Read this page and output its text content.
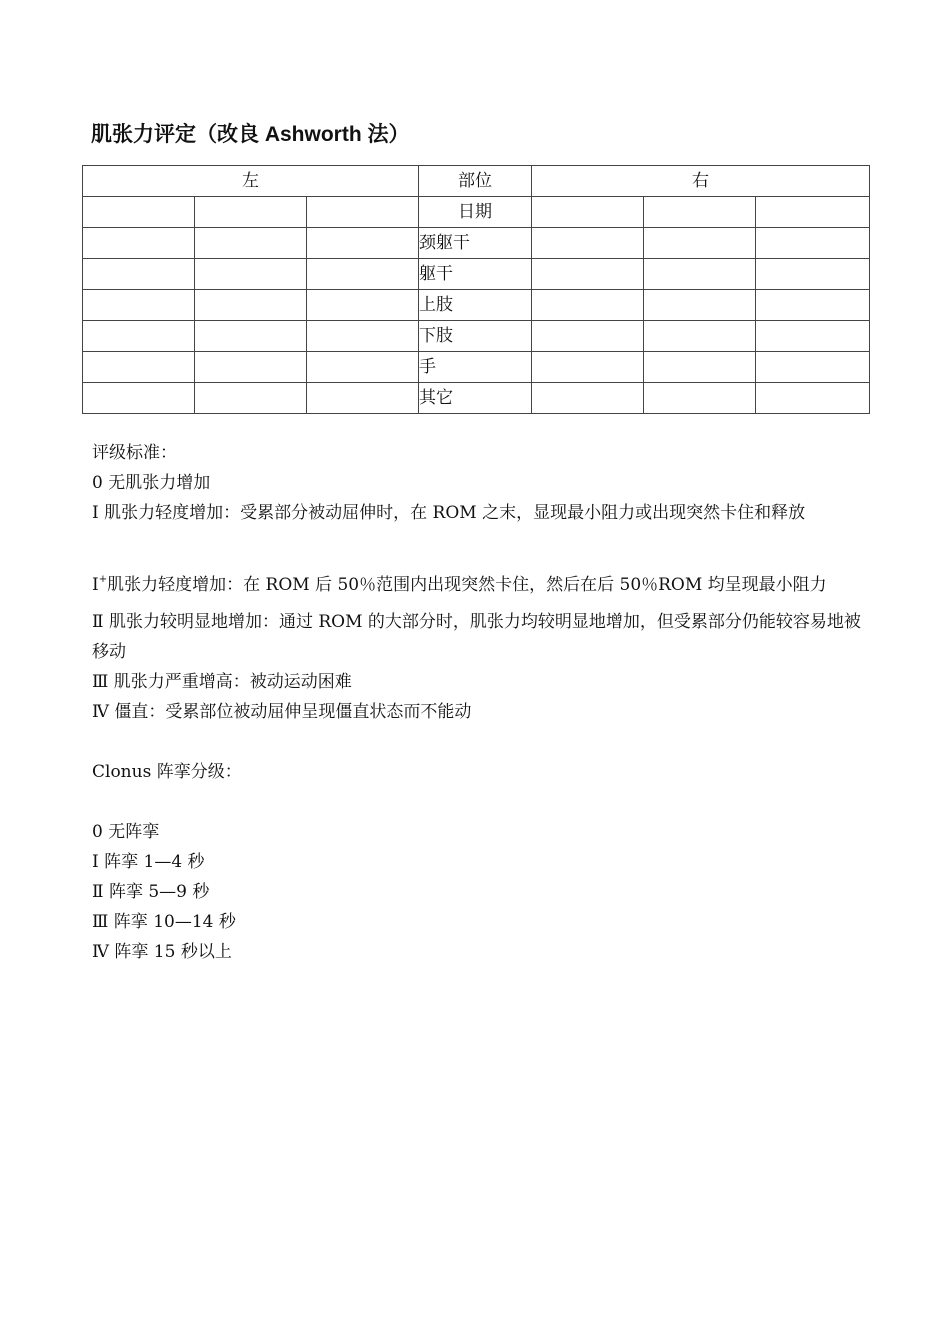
肌张力评定（改良 Ashworth 法）
左			部位	右		
			日期			
			颈躯干			
			躯干			
			上肢			
			下肢			
			手			
			其它			

评级标准：

0 无肌张力增加

Ⅰ 肌张力轻度增加：受累部分被动屈伸时，在 ROM 之末，显现最小阻力或出现突然卡住和释放

Ⅰ+肌张力轻度增加：在 ROM 后 50％范围内出现突然卡住，然后在后 50％ROM 均呈现最小阻力

Ⅱ 肌张力较明显地增加：通过 ROM 的大部分时，肌张力均较明显地增加，但受累部分仍能较容易地被移动

Ⅲ 肌张力严重增高：被动运动困难

Ⅳ 僵直：受累部位被动屈伸呈现僵直状态而不能动

Clonus 阵挛分级：

0 无阵挛

Ⅰ 阵挛 1—4 秒

Ⅱ 阵挛 5—9 秒

Ⅲ 阵挛 10—14 秒

Ⅳ 阵挛 15 秒以上
